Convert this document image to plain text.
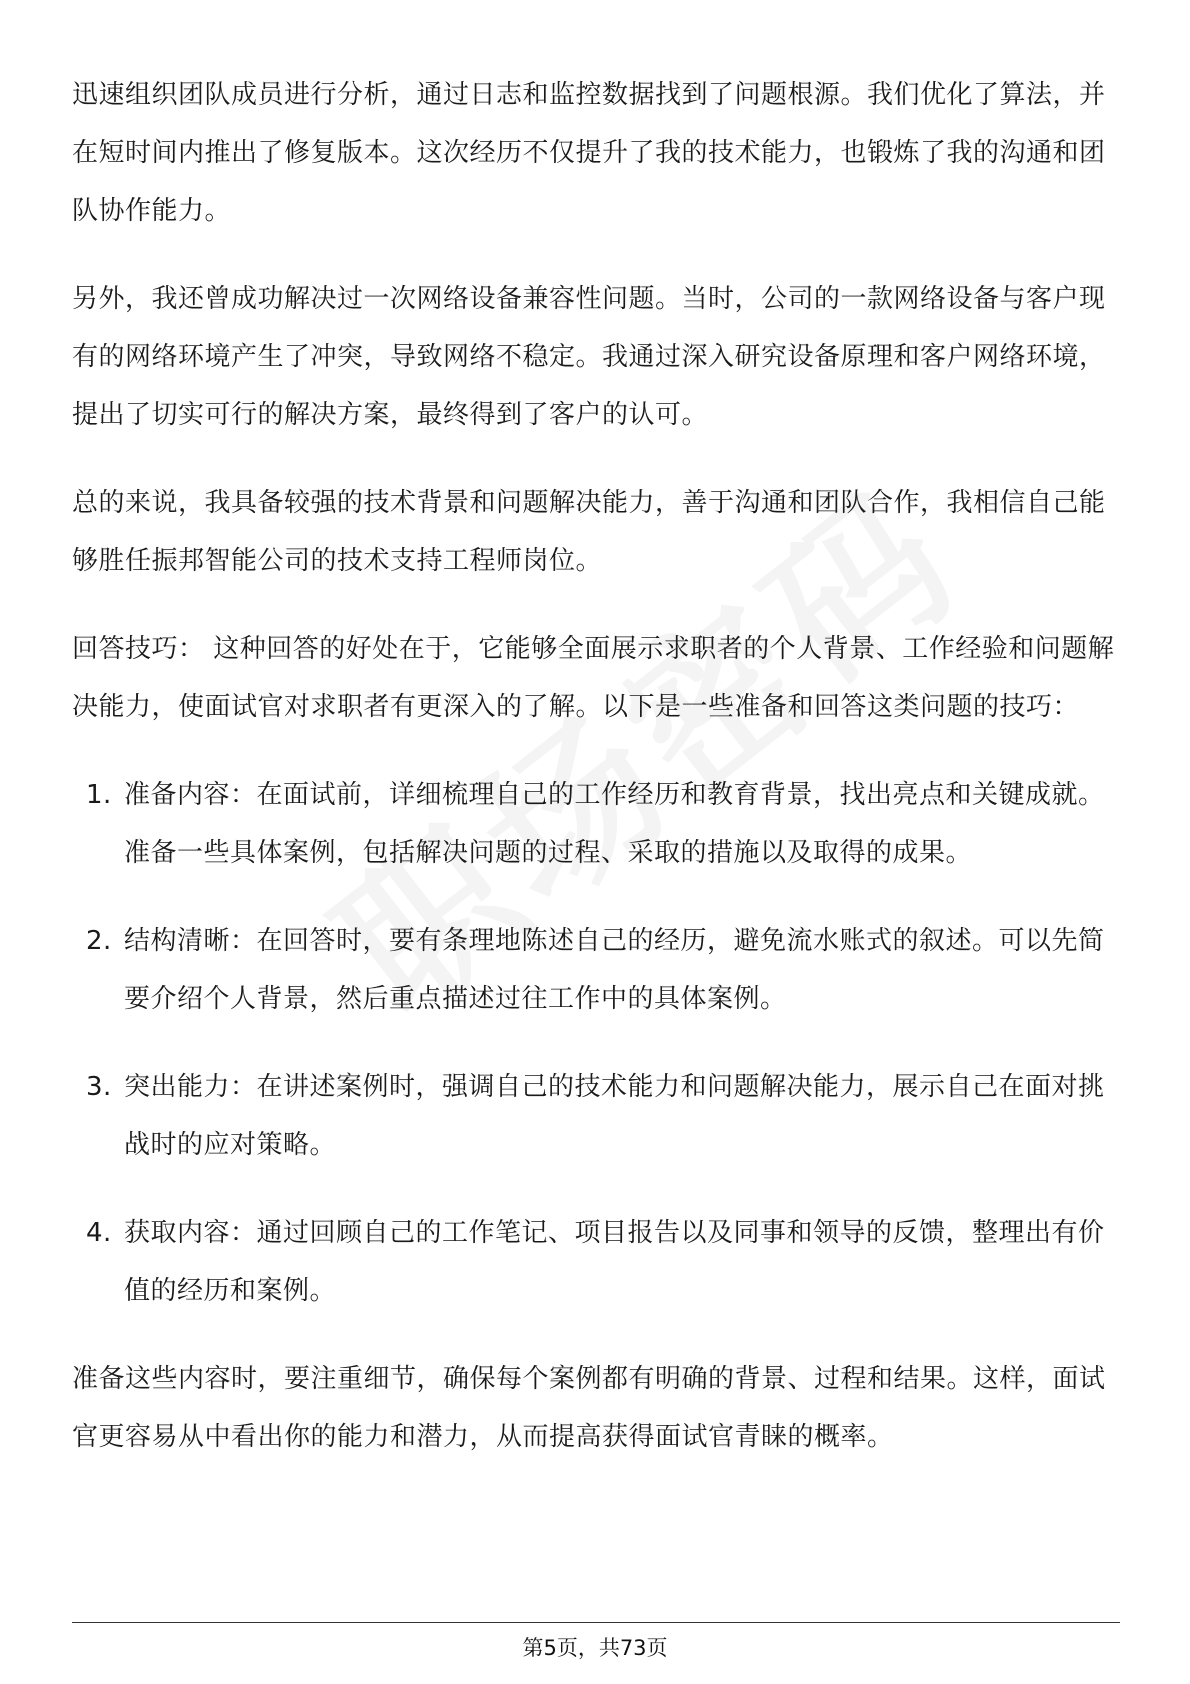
迅速组织团队成员进行分析，通过日志和监控数据找到了问题根源。我们优化了算法，并在短时间内推出了修复版本。这次经历不仅提升了我的技术能力，也锻炼了我的沟通和团队协作能力。

另外，我还曾成功解决过一次网络设备兼容性问题。当时，公司的一款网络设备与客户现有的网络环境产生了冲突，导致网络不稳定。我通过深入研究设备原理和客户网络环境，提出了切实可行的解决方案，最终得到了客户的认可。

总的来说，我具备较强的技术背景和问题解决能力，善于沟通和团队合作，我相信自己能够胜任振邦智能公司的技术支持工程师岗位。

回答技巧： 这种回答的好处在于，它能够全面展示求职者的个人背景、工作经验和问题解决能力，使面试官对求职者有更深入的了解。以下是一些准备和回答这类问题的技巧：

1. 准备内容：在面试前，详细梳理自己的工作经历和教育背景，找出亮点和关键成就。准备一些具体案例，包括解决问题的过程、采取的措施以及取得的成果。
2. 结构清晰：在回答时，要有条理地陈述自己的经历，避免流水账式的叙述。可以先简要介绍个人背景，然后重点描述过往工作中的具体案例。
3. 突出能力：在讲述案例时，强调自己的技术能力和问题解决能力，展示自己在面对挑战时的应对策略。
4. 获取内容：通过回顾自己的工作笔记、项目报告以及同事和领导的反馈，整理出有价值的经历和案例。

准备这些内容时，要注重细节，确保每个案例都有明确的背景、过程和结果。这样，面试官更容易从中看出你的能力和潜力，从而提高获得面试官青睐的概率。

第5页，共73页
